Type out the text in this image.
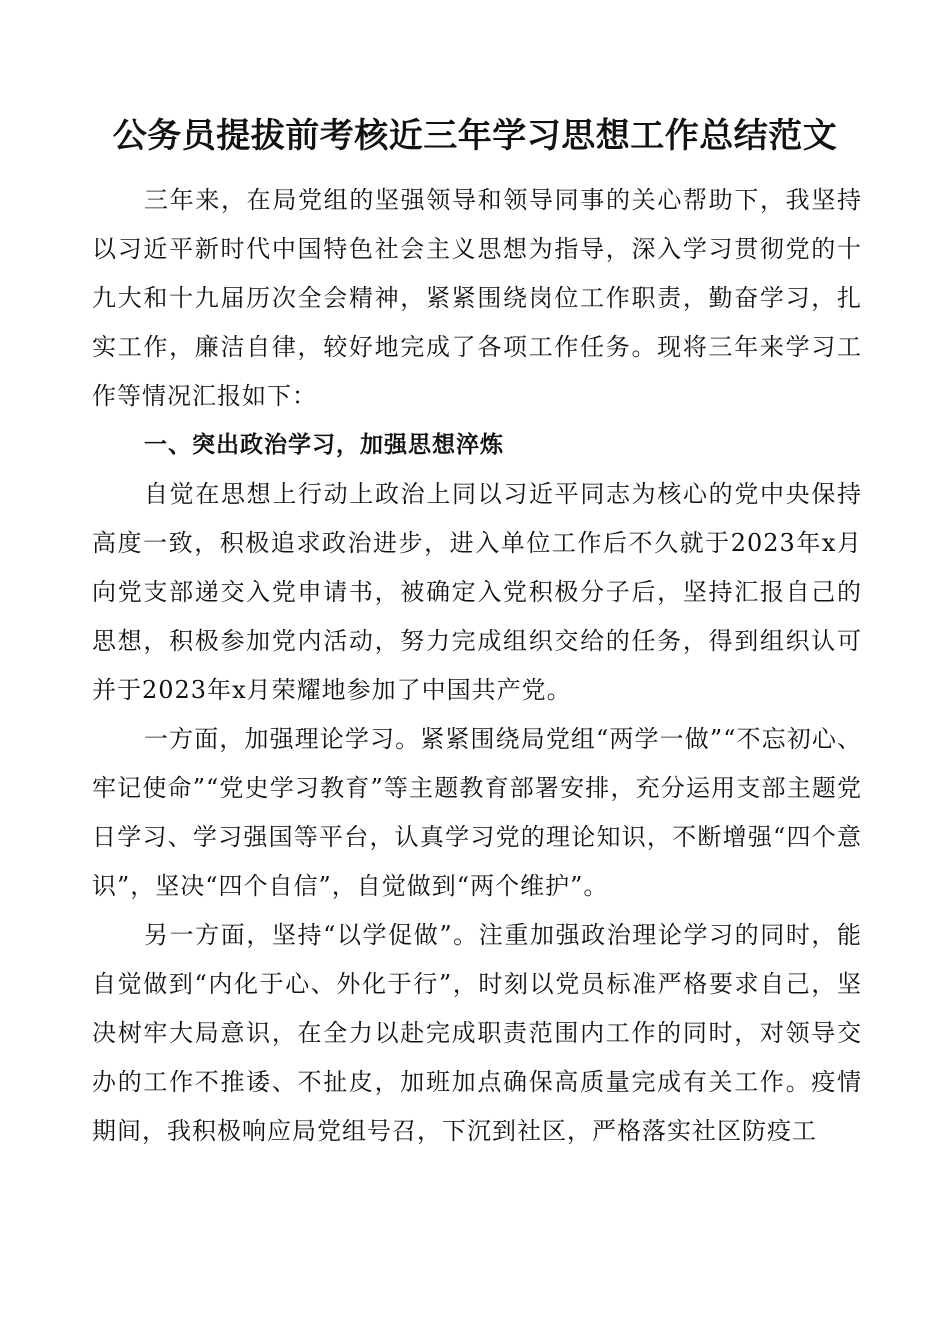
公务员提拔前考核近三年学习思想工作总结范文

三年来，在局党组的坚强领导和领导同事的关心帮助下，我坚持以习近平新时代中国特色社会主义思想为指导，深入学习贯彻党的十九大和十九届历次全会精神，紧紧围绕岗位工作职责，勤奋学习，扎实工作，廉洁自律，较好地完成了各项工作任务。现将三年来学习工作等情况汇报如下：

一、突出政治学习，加强思想淬炼

自觉在思想上行动上政治上同以习近平同志为核心的党中央保持高度一致，积极追求政治进步，进入单位工作后不久就于2023年x月向党支部递交入党申请书，被确定入党积极分子后，坚持汇报自己的思想，积极参加党内活动，努力完成组织交给的任务，得到组织认可并于2023年x月荣耀地参加了中国共产党。

一方面，加强理论学习。紧紧围绕局党组“两学一做”“不忘初心、牢记使命”“党史学习教育”等主题教育部署安排，充分运用支部主题党日学习、学习强国等平台，认真学习党的理论知识，不断增强“四个意识”，坚决“四个自信”，自觉做到“两个维护”。

另一方面，坚持“以学促做”。注重加强政治理论学习的同时，能自觉做到“内化于心、外化于行”，时刻以党员标准严格要求自己，坚决树牢大局意识，在全力以赴完成职责范围内工作的同时，对领导交办的工作不推诿、不扯皮，加班加点确保高质量完成有关工作。疫情期间，我积极响应局党组号召，下沉到社区，严格落实社区防疫工
